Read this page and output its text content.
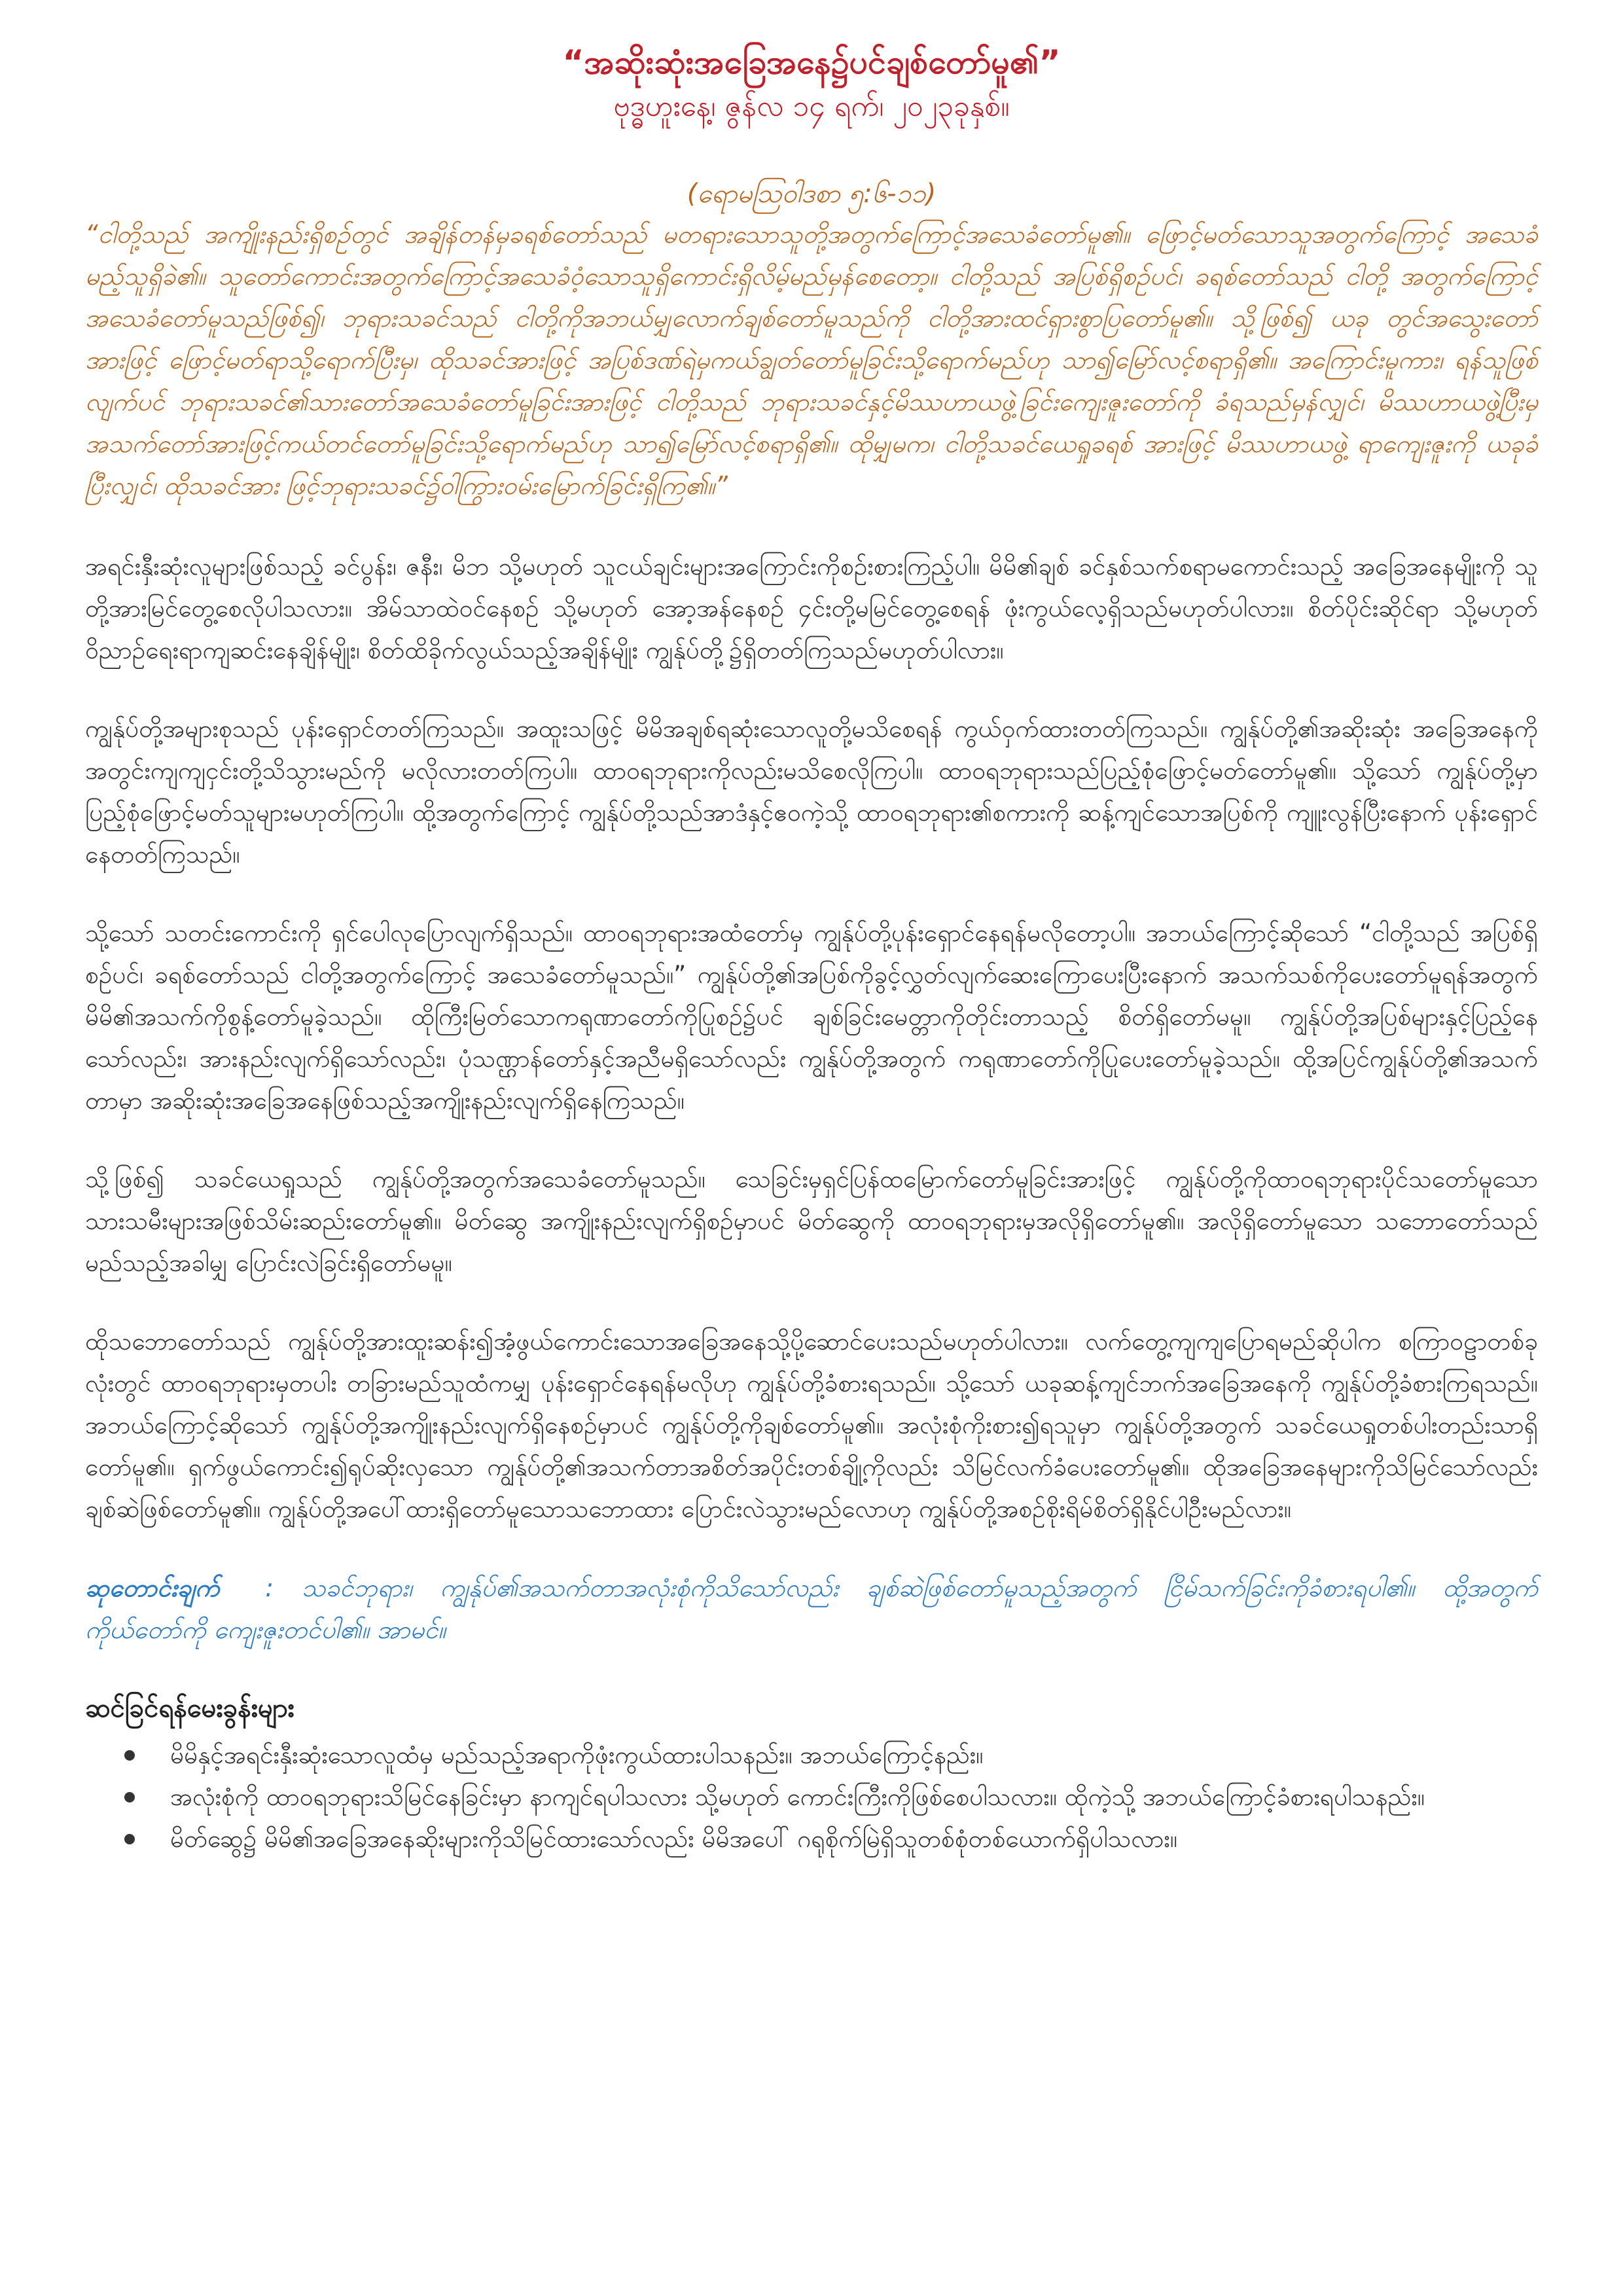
“အဆိုးဆုံးအခြေအနေ၌ပင်ချစ်တော်မူ၏”

ဗုဒ္ဓဟူးနေ့၊ ဇွန်လ ၁၄ ရက်၊ ၂၀၂၃ခုနှစ်။

(ရောမသြဝါဒစာ ၅:၆-၁၁)

“ငါတို့သည် အကျိုးနည်းရှိစဉ်တွင် အချိန်တန်မှခရစ်တော်သည် မတရားသောသူတို့အတွက်ကြောင့်အသေခံတော်မူ၏။ ဖြောင့်မတ်သောသူအတွက်ကြောင့် အသေခံမည့်သူရှိခဲ၏။ သူတော်ကောင်းအတွက်ကြောင့်အသေခံဝံ့သောသူရှိကောင်းရှိလိမ့်မည်မှန်စေတော့။ ငါတို့သည် အပြစ်ရှိစဉ်ပင်၊ ခရစ်တော်သည် ငါတို့ အတွက်ကြောင့်အသေခံတော်မူသည်ဖြစ်၍၊ ဘုရားသခင်သည် ငါတို့ကိုအဘယ်မျှလောက်ချစ်တော်မူသည်ကို ငါတို့အားထင်ရှားစွာပြတော်မူ၏။ သို့ဖြစ်၍ ယခု တွင်အသွေးတော်အားဖြင့် ဖြောင့်မတ်ရာသို့ရောက်ပြီးမှ၊ ထိုသခင်အားဖြင့် အပြစ်ဒဏ်ရဲမှကယ်ချွတ်တော်မူခြင်းသို့ရောက်မည်ဟု သာ၍မြော်လင့်စရာရှိ၏။ အကြောင်းမူကား၊ ရန်သူဖြစ်လျက်ပင် ဘုရားသခင်၏သားတော်အသေခံတော်မူခြင်းအားဖြင့် ငါတို့သည် ဘုရားသခင်နှင့်မိဿဟာယဖွဲ့ခြင်းကျေးဇူးတော်ကို ခံရသည်မှန်လျှင်၊ မိဿဟာယဖွဲ့ပြီးမှ အသက်တော်အားဖြင့်ကယ်တင်တော်မူခြင်းသို့ရောက်မည်ဟု သာ၍မြော်လင့်စရာရှိ၏။ ထိုမျှမက၊ ငါတို့သခင်ယေရှုခရစ် အားဖြင့် မိဿဟာယဖွဲ့ ရာကျေးဇူးကို ယခုခံပြီးလျှင်၊ ထိုသခင်အား ဖြင့်ဘုရားသခင်၌ဝါကြွားဝမ်းမြောက်ခြင်းရှိကြ၏။”

အရင်းနှီးဆုံးလူများဖြစ်သည့် ခင်ပွန်း၊ ဇနီး၊ မိဘ သို့မဟုတ် သူငယ်ချင်းများအကြောင်းကိုစဉ်းစားကြည့်ပါ။ မိမိ၏ချစ် ခင်နှစ်သက်စရာမကောင်းသည့် အခြေအနေမျိုးကို သူတို့အားမြင်တွေ့စေလိုပါသလား။ အိမ်သာထဲဝင်နေစဉ် သို့မဟုတ် အော့အန်နေစဉ် ၄င်းတို့မမြင်တွေ့စေရန် ဖုံးကွယ်လေ့ရှိသည်မဟုတ်ပါလား။ စိတ်ပိုင်းဆိုင်ရာ သို့မဟုတ် ဝိညာဉ်ရေးရာကျဆင်းနေချိန်မျိုး၊ စိတ်ထိခိုက်လွယ်သည့်အချိန်မျိုး ကျွန်ုပ်တို့၌ရှိတတ်ကြသည်မဟုတ်ပါလား။

ကျွန်ုပ်တို့အများစုသည် ပုန်းရှောင်တတ်ကြသည်။ အထူးသဖြင့် မိမိအချစ်ရဆုံးသောလူတို့မသိစေရန် ကွယ်ဝှက်ထားတတ်ကြသည်။ ကျွန်ုပ်တို့၏အဆိုးဆုံး အခြေအနေကို အတွင်းကျကျငှင်းတို့သိသွားမည်ကို မလိုလားတတ်ကြပါ။ ထာဝရဘုရားကိုလည်းမသိစေလိုကြပါ။ ထာဝရဘုရားသည်ပြည့်စုံဖြောင့်မတ်တော်မူ၏။ သို့သော် ကျွန်ုပ်တို့မှာ ပြည့်စုံဖြောင့်မတ်သူများမဟုတ်ကြပါ။ ထို့အတွက်ကြောင့် ကျွန်ုပ်တို့သည်အာဒံနှင့်ဧဝကဲ့သို့ ထာဝရဘုရား၏စကားကို ဆန့်ကျင်သောအပြစ်ကို ကျူးလွန်ပြီးနောက် ပုန်းရှောင်နေတတ်ကြသည်။

သို့သော် သတင်းကောင်းကို ရှင်ပေါလုပြောလျက်ရှိသည်။ ထာဝရဘုရားအထံတော်မှ ကျွန်ုပ်တို့ပုန်းရှောင်နေရန်မလိုတော့ပါ။ အဘယ်ကြောင့်ဆိုသော် “ငါတို့သည် အပြစ်ရှိစဉ်ပင်၊ ခရစ်တော်သည် ငါတို့အတွက်ကြောင့် အသေခံတော်မူသည်။” ကျွန်ုပ်တို့၏အပြစ်ကိုခွင့်လွှတ်လျက်ဆေးကြောပေးပြီးနောက် အသက်သစ်ကိုပေးတော်မူရန်အတွက် မိမိ၏အသက်ကိုစွန့်တော်မူခဲ့သည်။ ထိုကြီးမြတ်သောကရုဏာတော်ကိုပြုစဉ်၌ပင် ချစ်ခြင်းမေတ္တာကိုတိုင်းတာသည့် စိတ်ရှိတော်မမူ။ ကျွန်ုပ်တို့အပြစ်များနှင့်ပြည့်နေသော်လည်း၊ အားနည်းလျက်ရှိသော်လည်း၊ ပုံသဏ္ဌာန်တော်နှင့်အညီမရှိသော်လည်း ကျွန်ုပ်တို့အတွက် ကရုဏာတော်ကိုပြုပေးတော်မူခဲ့သည်။ ထို့အပြင်ကျွန်ုပ်တို့၏အသက်တာမှာ အဆိုးဆုံးအခြေအနေဖြစ်သည့်အကျိုးနည်းလျက်ရှိနေကြသည်။

သို့ဖြစ်၍ သခင်ယေရှုသည် ကျွန်ုပ်တို့အတွက်အသေခံတော်မူသည်။ သေခြင်းမှရှင်ပြန်ထမြောက်တော်မူခြင်းအားဖြင့် ကျွန်ုပ်တို့ကိုထာဝရဘုရားပိုင်သတော်မူသော သားသမီးများအဖြစ်သိမ်းဆည်းတော်မူ၏။ မိတ်ဆွေ အကျိုးနည်းလျက်ရှိစဉ်မှာပင် မိတ်ဆွေကို ထာဝရဘုရားမှအလိုရှိတော်မူ၏။ အလိုရှိတော်မူသော သဘောတော်သည် မည်သည့်အခါမျှ ပြောင်းလဲခြင်းရှိတော်မမူ။

ထိုသဘောတော်သည် ကျွန်ုပ်တို့အားထူးဆန်း၍အံ့ဖွယ်ကောင်းသောအခြေအနေသို့ပို့ဆောင်ပေးသည်မဟုတ်ပါလား။ လက်တွေ့ကျကျပြောရမည်ဆိုပါက စကြာဝဠာတစ်ခုလုံးတွင် ထာဝရဘုရားမှတပါး တခြားမည်သူထံကမျှ ပုန်းရှောင်နေရန်မလိုဟု ကျွန်ုပ်တို့ခံစားရသည်။ သို့သော် ယခုဆန့်ကျင်ဘက်အခြေအနေကို ကျွန်ုပ်တို့ခံစားကြရသည်။ အဘယ်ကြောင့်ဆိုသော် ကျွန်ုပ်တို့အကျိုးနည်းလျက်ရှိနေစဉ်မှာပင် ကျွန်ုပ်တို့ကိုချစ်တော်မူ၏။ အလုံးစုံကိုးစား၍ရသူမှာ ကျွန်ုပ်တို့အတွက် သခင်ယေရှုတစ်ပါးတည်းသာရှိတော်မူ၏။ ရှက်ဖွယ်ကောင်း၍ရုပ်ဆိုးလှသော ကျွန်ုပ်တို့၏အသက်တာအစိတ်အပိုင်းတစ်ချို့ကိုလည်း သိမြင်လက်ခံပေးတော်မူ၏။ ထိုအခြေအနေများကိုသိမြင်သော်လည်း ချစ်ဆဲဖြစ်တော်မူ၏။ ကျွန်ုပ်တို့အပေါ်ထားရှိတော်မူသောသဘောထား ပြောင်းလဲသွားမည်လောဟု ကျွန်ုပ်တို့အစဉ်စိုးရိမ်စိတ်ရှိနိုင်ပါဦးမည်လား။

ဆုတောင်းချက် : သခင်ဘုရား၊ ကျွန်ုပ်၏အသက်တာအလုံးစုံကိုသိသော်လည်း ချစ်ဆဲဖြစ်တော်မူသည့်အတွက် ငြိမ်သက်ခြင်းကိုခံစားရပါ၏။ ထို့အတွက် ကိုယ်တော်ကို ကျေးဇူးတင်ပါ၏။ အာမင်။

ဆင်ခြင်ရန်မေးခွန်းများ

မိမိနှင့်အရင်းနှီးဆုံးသောလူထံမှ မည်သည့်အရာကိုဖုံးကွယ်ထားပါသနည်း။ အဘယ်ကြောင့်နည်း။
အလုံးစုံကို ထာဝရဘုရားသိမြင်နေခြင်းမှာ နာကျင်ရပါသလား သို့မဟုတ် ကောင်းကြီးကိုဖြစ်စေပါသလား။ ထိုကဲ့သို့ အဘယ်ကြောင့်ခံစားရပါသနည်း။
မိတ်ဆွေ၌ မိမိ၏အခြေအနေဆိုးများကိုသိမြင်ထားသော်လည်း မိမိအပေါ် ဂရုစိုက်မြဲရှိသူတစ်စုံတစ်ယောက်ရှိပါသလား။
